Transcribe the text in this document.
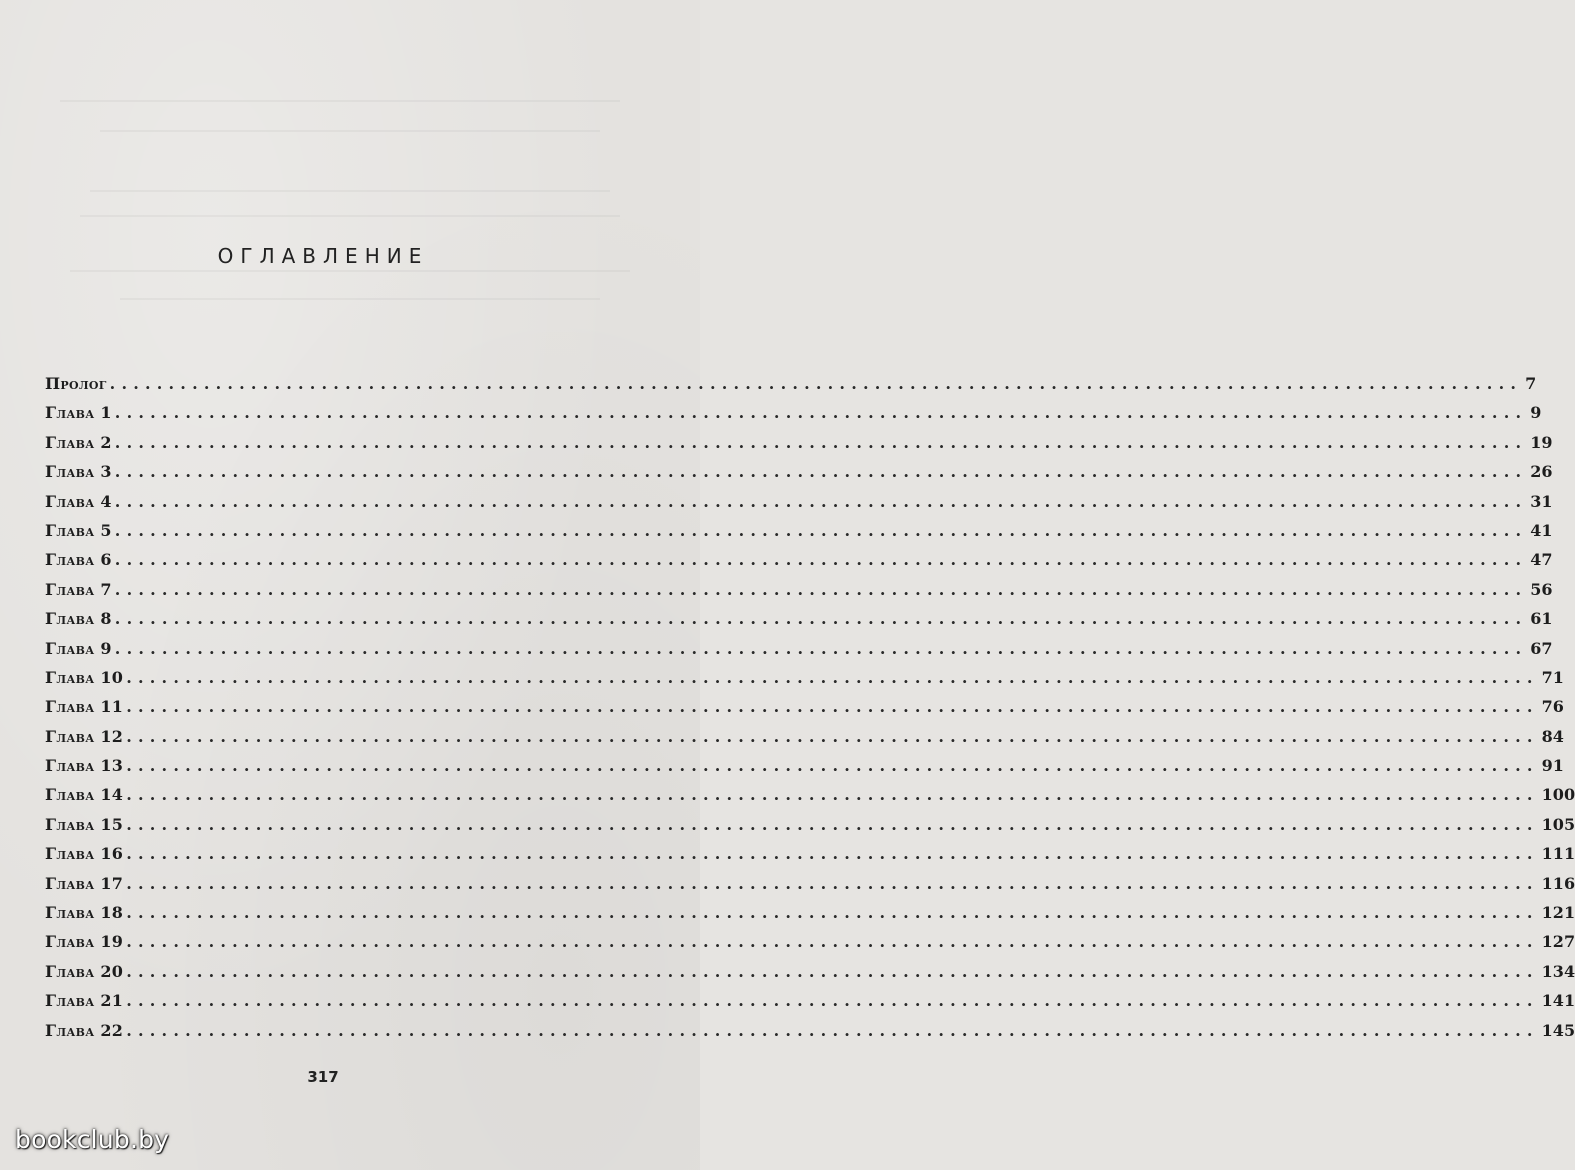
ОГЛАВЛЕНИЕ
Пролог ........................................................................................................................ 7
Глава 1 ........................................................................................................................ 9
Глава 2 ........................................................................................................................ 19
Глава 3 ........................................................................................................................ 26
Глава 4 ........................................................................................................................ 31
Глава 5 ........................................................................................................................ 41
Глава 6 ........................................................................................................................ 47
Глава 7 ........................................................................................................................ 56
Глава 8 ........................................................................................................................ 61
Глава 9 ........................................................................................................................ 67
Глава 10 ........................................................................................................................ 71
Глава 11 ........................................................................................................................ 76
Глава 12 ........................................................................................................................ 84
Глава 13 ........................................................................................................................ 91
Глава 14 ........................................................................................................................ 100
Глава 15 ........................................................................................................................ 105
Глава 16 ........................................................................................................................ 111
Глава 17 ........................................................................................................................ 116
Глава 18 ........................................................................................................................ 121
Глава 19 ........................................................................................................................ 127
Глава 20 ........................................................................................................................ 134
Глава 21 ........................................................................................................................ 141
Глава 22 ........................................................................................................................ 145
317
bookclub.by
